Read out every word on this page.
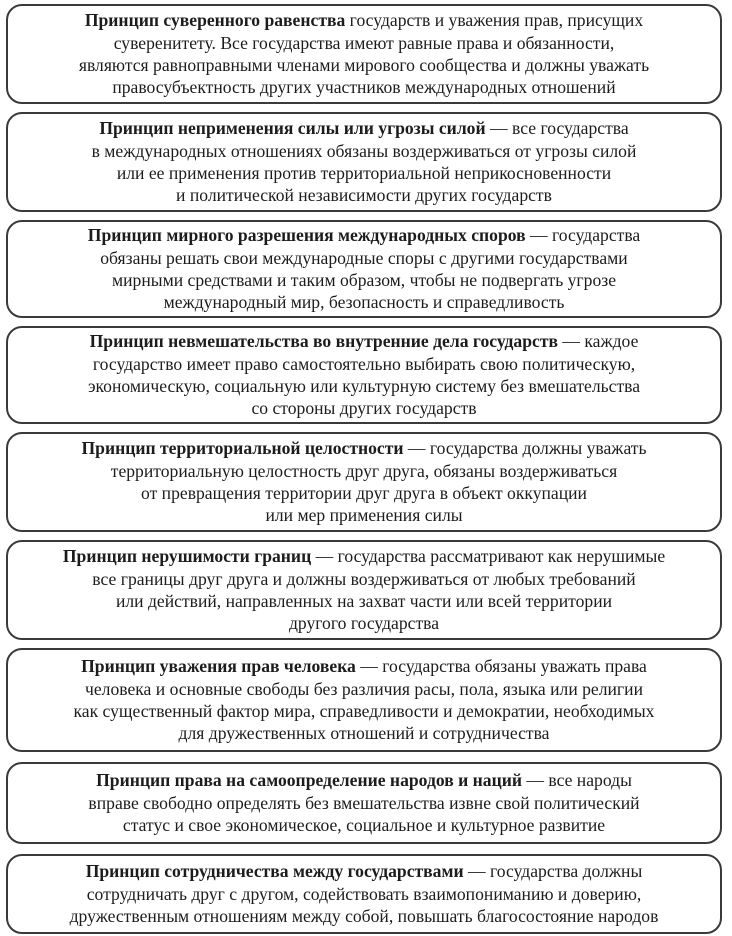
Принцип суверенного равенства государств и уважения прав, присущих
суверенитету. Все государства имеют равные права и обязанности,
являются равноправными членами мирового сообщества и должны уважать
правосубъектность других участников международных отношений

Принцип неприменения силы или угрозы силой — все государства
в международных отношениях обязаны воздерживаться от угрозы силой
или ее применения против территориальной неприкосновенности
и политической независимости других государств

Принцип мирного разрешения международных споров — государства
обязаны решать свои международные споры с другими государствами
мирными средствами и таким образом, чтобы не подвергать угрозе
международный мир, безопасность и справедливость

Принцип невмешательства во внутренние дела государств — каждое
государство имеет право самостоятельно выбирать свою политическую,
экономическую, социальную или культурную систему без вмешательства
со стороны других государств

Принцип территориальной целостности — государства должны уважать
территориальную целостность друг друга, обязаны воздерживаться
от превращения территории друг друга в объект оккупации
или мер применения силы

Принцип нерушимости границ — государства рассматривают как нерушимые
все границы друг друга и должны воздерживаться от любых требований
или действий, направленных на захват части или всей территории
другого государства

Принцип уважения прав человека — государства обязаны уважать права
человека и основные свободы без различия расы, пола, языка или религии
как существенный фактор мира, справедливости и демократии, необходимых
для дружественных отношений и сотрудничества

Принцип права на самоопределение народов и наций — все народы
вправе свободно определять без вмешательства извне свой политический
статус и свое экономическое, социальное и культурное развитие

Принцип сотрудничества между государствами — государства должны
сотрудничать друг с другом, содействовать взаимопониманию и доверию,
дружественным отношениям между собой, повышать благосостояние народов
